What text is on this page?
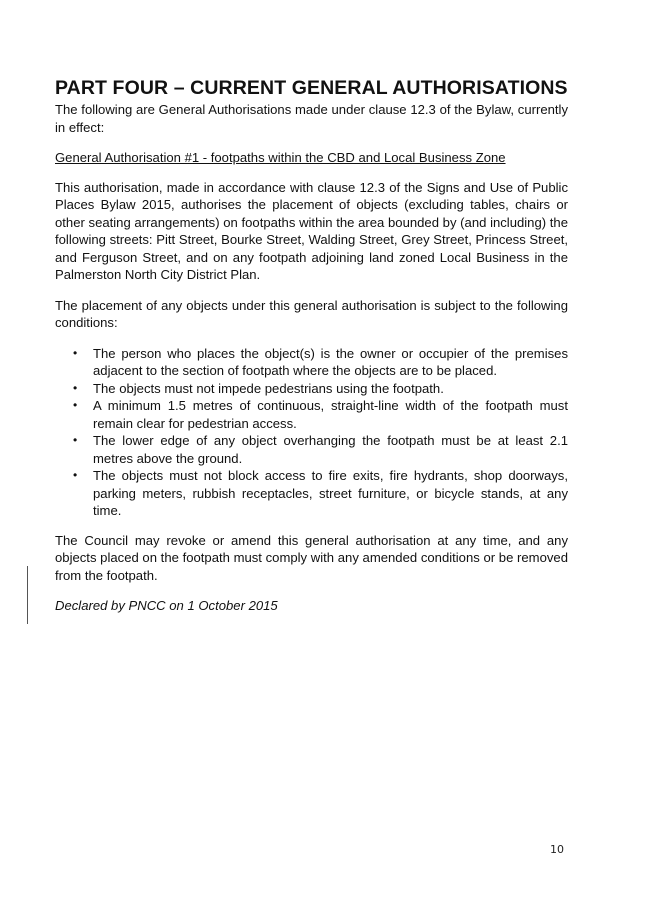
PART FOUR – CURRENT GENERAL AUTHORISATIONS

The following are General Authorisations made under clause 12.3 of the Bylaw, currently in effect:

General Authorisation #1 - footpaths within the CBD and Local Business Zone

This authorisation, made in accordance with clause 12.3 of the Signs and Use of Public Places Bylaw 2015, authorises the placement of objects (excluding tables, chairs or other seating arrangements) on footpaths within the area bounded by (and including) the following streets: Pitt Street, Bourke Street, Walding Street, Grey Street, Princess Street, and Ferguson Street, and on any footpath adjoining land zoned Local Business in the Palmerston North City District Plan.

The placement of any objects under this general authorisation is subject to the following conditions:

• The person who places the object(s) is the owner or occupier of the premises adjacent to the section of footpath where the objects are to be placed.
• The objects must not impede pedestrians using the footpath.
• A minimum 1.5 metres of continuous, straight-line width of the footpath must remain clear for pedestrian access.
• The lower edge of any object overhanging the footpath must be at least 2.1 metres above the ground.
• The objects must not block access to fire exits, fire hydrants, shop doorways, parking meters, rubbish receptacles, street furniture, or bicycle stands, at any time.

The Council may revoke or amend this general authorisation at any time, and any objects placed on the footpath must comply with any amended conditions or be removed from the footpath.

Declared by PNCC on 1 October 2015

10
